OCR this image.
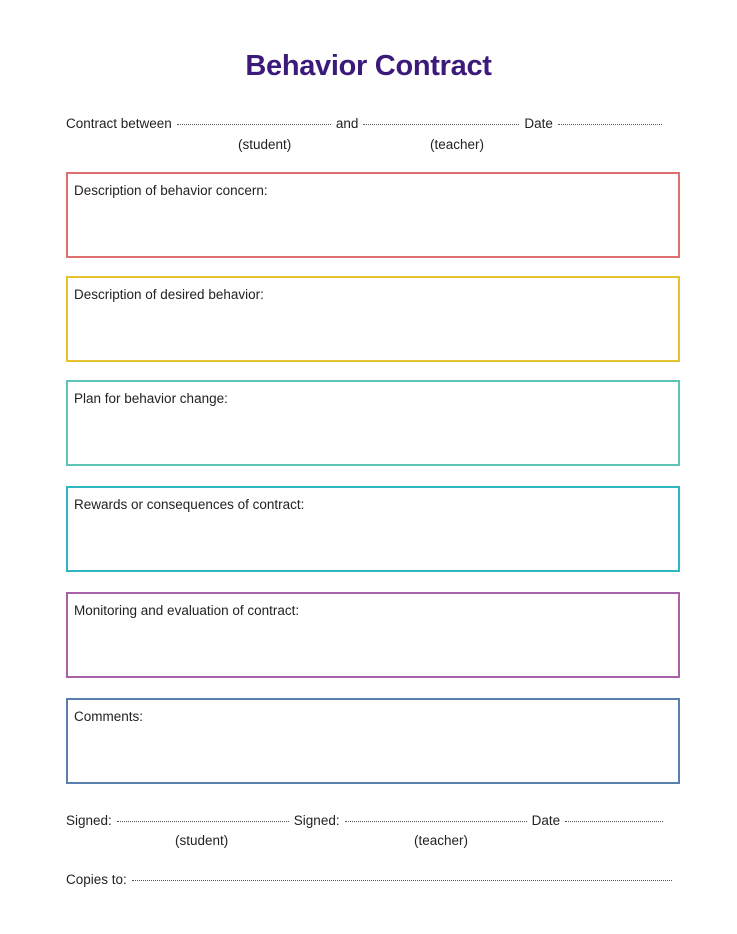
Behavior Contract
Contract between	and	Date
(student)	(teacher)
Description of behavior concern:
Description of desired behavior:
Plan for behavior change:
Rewards or consequences of contract:
Monitoring and evaluation of contract:
Comments:
Signed:	Signed:	Date
(student)	(teacher)
Copies to:
